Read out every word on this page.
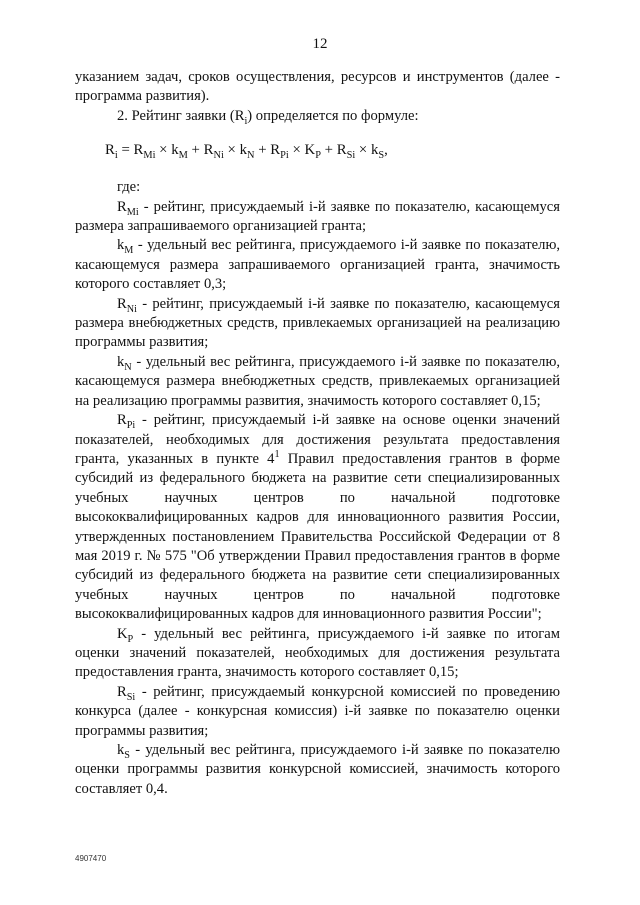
12

указанием задач, сроков осуществления, ресурсов и инструментов (далее - программа развития).

2. Рейтинг заявки $(R_i)$ определяется по формуле:

$R_i = R_{Mi} \times k_M + R_{Ni} \times k_N + R_{Pi} \times K_P + R_{Si} \times k_S$,

где:

$R_{Mi}$ - рейтинг, присуждаемый i-й заявке по показателю, касающемуся размера запрашиваемого организацией гранта;

$k_M$ - удельный вес рейтинга, присуждаемого i-й заявке по показателю, касающемуся размера запрашиваемого организацией гранта, значимость которого составляет 0,3;

$R_{Ni}$ - рейтинг, присуждаемый i-й заявке по показателю, касающемуся размера внебюджетных средств, привлекаемых организацией на реализацию программы развития;

$k_N$ - удельный вес рейтинга, присуждаемого i-й заявке по показателю, касающемуся размера внебюджетных средств, привлекаемых организацией на реализацию программы развития, значимость которого составляет 0,15;

$R_{Pi}$ - рейтинг, присуждаемый i-й заявке на основе оценки значений показателей, необходимых для достижения результата предоставления гранта, указанных в пункте $4^1$ Правил предоставления грантов в форме субсидий из федерального бюджета на развитие сети специализированных учебных научных центров по начальной подготовке высококвалифицированных кадров для инновационного развития России, утвержденных постановлением Правительства Российской Федерации от 8 мая 2019 г. № 575 "Об утверждении Правил предоставления грантов в форме субсидий из федерального бюджета на развитие сети специализированных учебных научных центров по начальной подготовке высококвалифицированных кадров для инновационного развития России";

$K_P$ - удельный вес рейтинга, присуждаемого i-й заявке по итогам оценки значений показателей, необходимых для достижения результата предоставления гранта, значимость которого составляет 0,15;

$R_{Si}$ - рейтинг, присуждаемый конкурсной комиссией по проведению конкурса (далее - конкурсная комиссия) i-й заявке по показателю оценки программы развития;

$k_S$ - удельный вес рейтинга, присуждаемого i-й заявке по показателю оценки программы развития конкурсной комиссией, значимость которого составляет 0,4.

4907470
